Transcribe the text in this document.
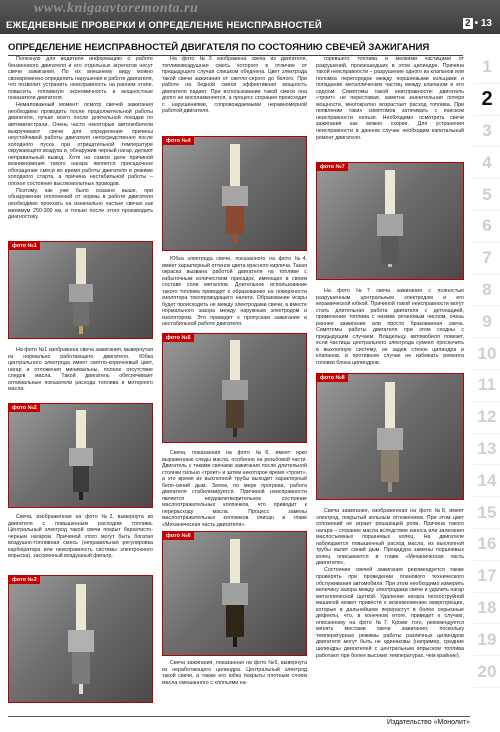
www.knigaavtoremonta.ru
ЕЖЕДНЕВНЫЕ ПРОВЕРКИ И ОПРЕДЕЛЕНИЕ НЕИСПРАВНОСТЕЙ	2 • 13
ОПРЕДЕЛЕНИЕ НЕИСПРАВНОСТЕЙ ДВИГАТЕЛЯ ПО СОСТОЯНИЮ СВЕЧЕЙ ЗАЖИГАНИЯ
1
2
3
4
5
6
7
8
9
10
11
12
13
14
15
16
17
18
19
20

Полезную для водителя информацию о работе бензинового двигателя и его отдельных агрегатов несут свечи зажигания. По их внешнему виду можно своевременно определить нарушения в работе двигателя, что позволит устранить неисправность на раннем этапе, повысить топливную экономичность и мощностные показатели двигателя.

Немаловажный момент: осмотр свечей зажигания необходимо проводить после продолжительной работы двигателя, лучше всего после длительной поездки по автомагистрали. Очень часто некоторые автолюбители выкручивают свечи для определения причины неустойчивой работы двигателя непосредственно после холодного пуска при отрицательной температуре окружающего воздуха и, обнаружив черный нагар, делают неправильный вывод. Хотя на самом деле причиной возникновения такого нагара является присадочное обогащение смеси во время работы двигателя в режиме холодного старта, а причина нестабильной работы – плохое состояние высоковольтных проводов.

Поэтому, как уже было сказано выше, при обнаружении отклонений от нормы в работе двигателя необходимо проехать на изначально частые свечах как минимум 250-300 км, и только после этого производить диагностику.

фото №1

На фото №1 изображена свеча зажигания, вывернутая из нормально работающего двигателя. Юбка центрального электрода имеет светло-коричневый цвет, нагар и отложения минимальны, полное отсутствие следов масла. Такой двигатель обеспечивает оптимальные показатели расхода топлива и моторного масла.

фото №2

Свеча, изображенная на фото №2, вывернута из двигателя с повышенным расходом топлива. Центральный электрод такой свечи покрыт бархатисто-черным нагаром. Причиной этого могут быть богатая воздушно-топливная смесь (неправильная регулировка карбюратора или неисправность системы электронного впрыска), засоренный воздушный фильтр.

фото №3

На фото №3 изображена свеча из двигателя, топливовоздушная смесь которого в отличие от предыдущего случая слишком обеднена. Цвет электрода такой свечи зажигания от светло-серого до белого. При работе на бедной смеси эффективная мощность двигателя падает. При использовании такой смеси она долго не воспламеняется, а процесс сгорания происходит с нарушениями, сопровождаемыми неравномерной работой двигателя.

фото №4

Юбка электрода свечи, показанного на фото №4, имеет характерный оттенок цвета красного кирпича. Такая окраска вызвана работой двигателя на топливе с избыточным количеством присадок, имеющих в своем составе соли металлов. Длительное использование такого топлива приводит к образованию на поверхности изолятора токопроводящего налета. Образование искры будет происходить не между электродами свечи, а вместе нормального зазора между наружным электродом и изолятором. Это приведет к пропускам зажигания и нестабильной работе двигателя.

фото №5

Свеча, показанная на фото №6, имеет ярко выраженные следы масла, особенно на резьбовой части. Двигатель с такими свечами зажигания после длительной стоянки сильно «троит» и затем некоторое время «троит», а это время из выхлопной трубы выходит характерный бело-синий дым. Затем, по мере прогрева, работа двигателя стабилизируется. Причиной неисправности является неудовлетворительное состояние маслоотражательных колпачков, что приводит к перерасходу масла. Процесс замены маслоотражательных колпачков описан в главе «Механическая часть двигателя».

фото №6

Свеча зажигания, показанная на фото №6, вывернута из неработающего цилиндра. Центральный электрод такой свечи, а также его юбка покрыты плотным слоем масла смешанного с хлопьями на-

горевшего топлива и мелкими частицами от разрушений, произошедших в этом цилиндре. Причина такой неисправности – разрушение одного из клапанов или поломка перегородок между поршневыми кольцами и попадание металлических частиц между клапаном и его седлом. Симптомы такой неисправности: двигатель «троит» не переставая, заметна значительная потеря мощности, многократно возрастает расход топлива. При появлении таких симптомов затягивать с поиском неисправности нельзя. Необходимо осмотреть свечи зажигания как можно скорее. Для устранения неисправности в данном случае необходим капитальный ремонт двигателя.

фото №7

На фото №7 свеча зажигания с полностью разрушенным центральным электродом и его керамической юбкой. Причиной такой неисправности могут стать длительная работа двигателя с детонацией, применение топлива с низким октановым числом, очень раннее зажигание или просто бракованная свеча. Симптомы работы двигателя при этом сходны с предыдущим случаем. Владельцу автомобиля повезет, если частицы центрального электрода сумеют проскочить в выхлопную систему, не задев стенок цилиндра и клапанов, в противном случае не избежать ремонта головки блока цилиндров.

фото №8

Свеча зажигания, изображенная на фото №8, имеет электрод, покрытый зольным отложением. При этом цвет отложений не играет решающей роли. Причина такого нагара – сгорание масла вследствие износа или залегания маслосъемных поршневых колец. На двигателе наблюдается повышенный расход масла, из выхлопной трубы валит синий дым. Процедура замены поршневых колец описывается в главе «Механическая часть двигателя».

Состояние свечей зажигания рекомендуется также проверять при проведении планового технического обслуживания автомобиля. При этом необходимо измерить величину зазора между электродами свечи и удалить нагар металлической щеткой. Удаление нагара пескоструйной машиной может привести к возникновению микротрещин, которые в дальнейшем перерастут в более серьезные дефекты, что, в конечном итоге, приведет к случаю, описанному на фото №7. Кроме того, рекомендуется менять местами свечи зажигания, поскольку температурные режимы работы различных цилиндров двигателя могут быть не одинаковы (например, средние цилиндры двигателей с центральным впрыском топлива работают при более высоких температурах, чем крайние).

Издательство «Монолит»
